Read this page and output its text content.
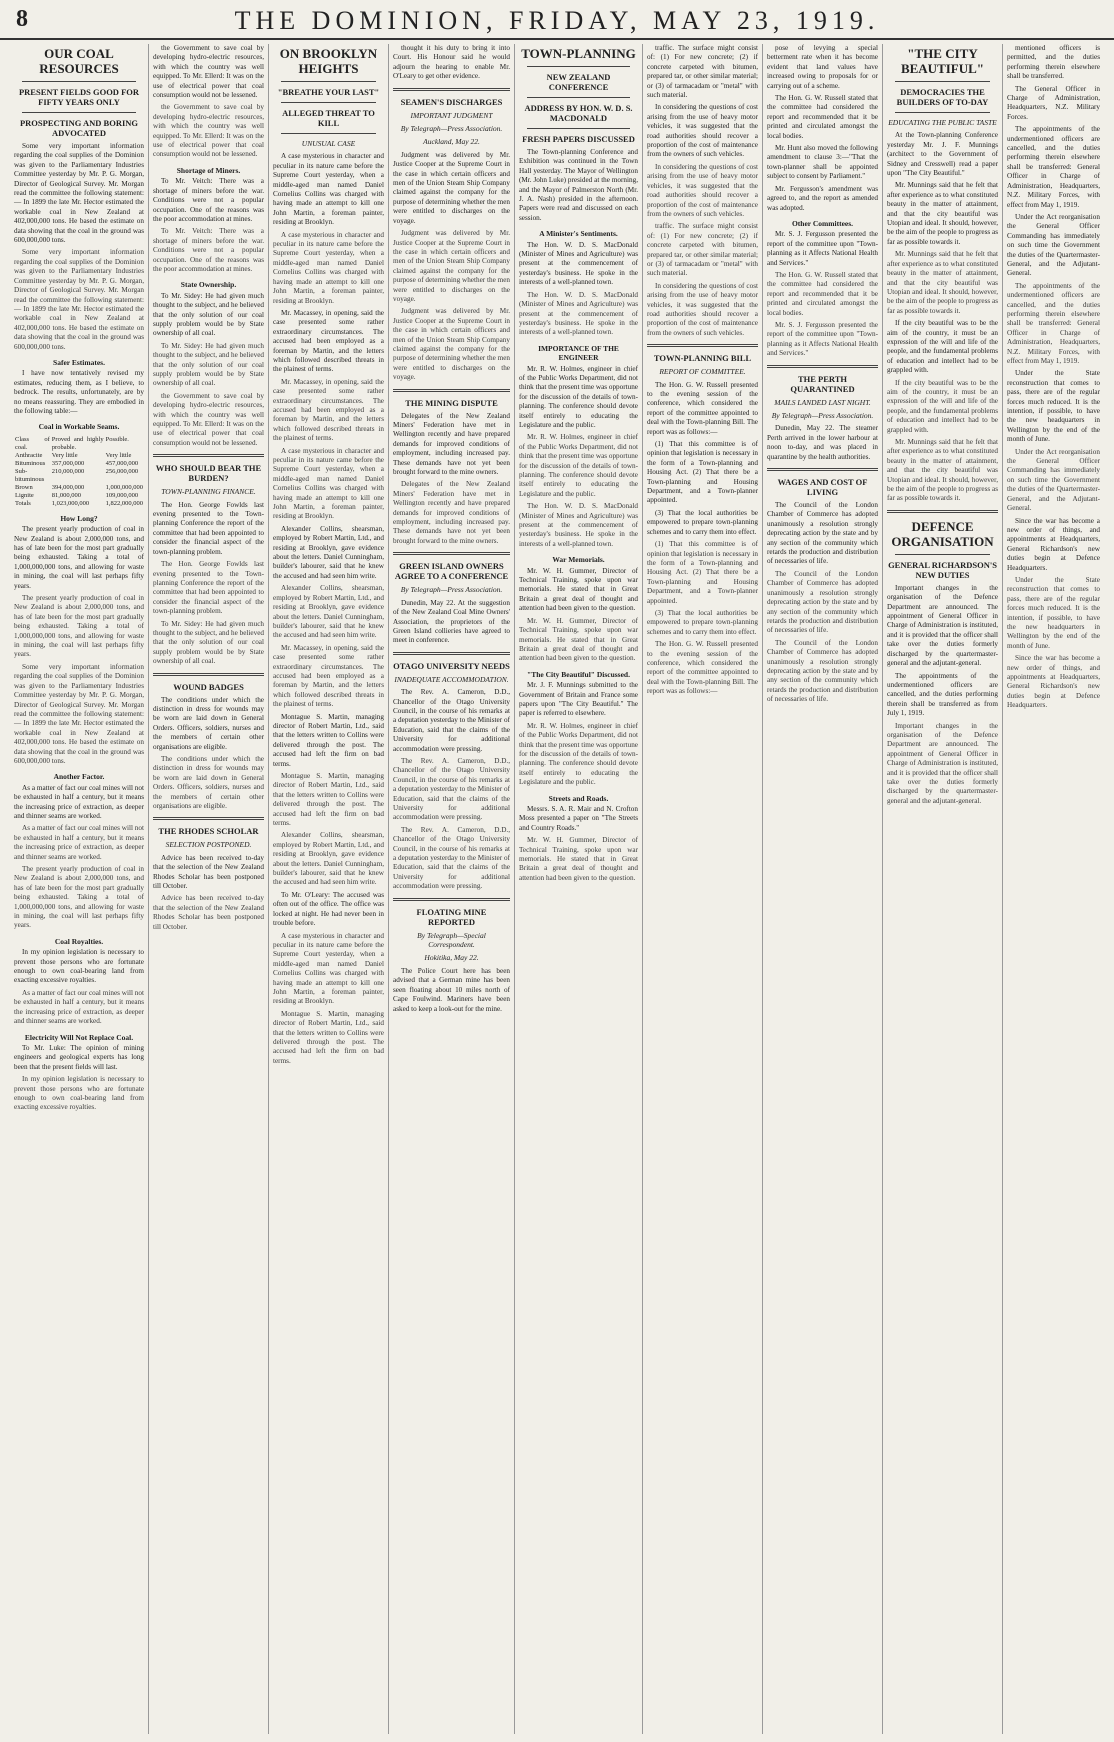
8	THE DOMINION, FRIDAY, MAY 23, 1919.
OUR COAL RESOURCES
PRESENT FIELDS GOOD FOR FIFTY YEARS ONLY
PROSPECTING AND BORING ADVOCATED

Some very important information regarding the coal supplies of the Dominion was given to the Parliamentary Industries Committee yesterday by Mr. P. G. Morgan, Director of Geological Survey. Mr. Morgan read the committee the following statement:— In 1899 the late Mr. Hector estimated the workable coal in New Zealand at 402,000,000 tons. He based the estimate on data showing that the coal in the ground was 600,000,000 tons.

Some very important information regarding the coal supplies of the Dominion was given to the Parliamentary Industries Committee yesterday by Mr. P. G. Morgan, Director of Geological Survey. Mr. Morgan read the committee the following statement:— In 1899 the late Mr. Hector estimated the workable coal in New Zealand at 402,000,000 tons. He based the estimate on data showing that the coal in the ground was 600,000,000 tons.

Safer Estimates.

I have now tentatively revised my estimates, reducing them, as I believe, to bedrock. The results, unfortunately, are by no means reassuring. They are embodied in the following table:—

Coal in Workable Seams.
Class of coal.	Proved and highly probable.	Possible.
Anthracite	Very little	Very little
Bituminous	357,000,000	457,000,000
Sub-bituminous	210,000,000	256,000,000
Brown	394,000,000	1,000,000,000
Lignite	81,000,000	109,000,000
Totals	1,023,000,000	1,822,000,000
How Long?

The present yearly production of coal in New Zealand is about 2,000,000 tons, and has of late been for the most part gradually being exhausted. Taking a total of 1,000,000,000 tons, and allowing for waste in mining, the coal will last perhaps fifty years.

The present yearly production of coal in New Zealand is about 2,000,000 tons, and has of late been for the most part gradually being exhausted. Taking a total of 1,000,000,000 tons, and allowing for waste in mining, the coal will last perhaps fifty years.

Some very important information regarding the coal supplies of the Dominion was given to the Parliamentary Industries Committee yesterday by Mr. P. G. Morgan, Director of Geological Survey. Mr. Morgan read the committee the following statement:— In 1899 the late Mr. Hector estimated the workable coal in New Zealand at 402,000,000 tons. He based the estimate on data showing that the coal in the ground was 600,000,000 tons.

Another Factor.

As a matter of fact our coal mines will not be exhausted in half a century, but it means the increasing price of extraction, as deeper and thinner seams are worked.

As a matter of fact our coal mines will not be exhausted in half a century, but it means the increasing price of extraction, as deeper and thinner seams are worked.

The present yearly production of coal in New Zealand is about 2,000,000 tons, and has of late been for the most part gradually being exhausted. Taking a total of 1,000,000,000 tons, and allowing for waste in mining, the coal will last perhaps fifty years.

Coal Royalties.

In my opinion legislation is necessary to prevent those persons who are fortunate enough to own coal-bearing land from exacting excessive royalties.

As a matter of fact our coal mines will not be exhausted in half a century, but it means the increasing price of extraction, as deeper and thinner seams are worked.

Electricity Will Not Replace Coal.

To Mr. Luke: The opinion of mining engineers and geological experts has long been that the present fields will last.

In my opinion legislation is necessary to prevent those persons who are fortunate enough to own coal-bearing land from exacting excessive royalties.

the Government to save coal by developing hydro-electric resources, with which the country was well equipped. To Mr. Ellerd: It was on the use of electrical power that coal consumption would not be lessened.

the Government to save coal by developing hydro-electric resources, with which the country was well equipped. To Mr. Ellerd: It was on the use of electrical power that coal consumption would not be lessened.

Shortage of Miners.

To Mr. Veitch: There was a shortage of miners before the war. Conditions were not a popular occupation. One of the reasons was the poor accommodation at mines.

To Mr. Veitch: There was a shortage of miners before the war. Conditions were not a popular occupation. One of the reasons was the poor accommodation at mines.

State Ownership.

To Mr. Sidey: He had given much thought to the subject, and he believed that the only solution of our coal supply problem would be by State ownership of all coal.

To Mr. Sidey: He had given much thought to the subject, and he believed that the only solution of our coal supply problem would be by State ownership of all coal.

the Government to save coal by developing hydro-electric resources, with which the country was well equipped. To Mr. Ellerd: It was on the use of electrical power that coal consumption would not be lessened.

WHO SHOULD BEAR THE BURDEN?
TOWN-PLANNING FINANCE.

The Hon. George Fowlds last evening presented to the Town-planning Conference the report of the committee that had been appointed to consider the financial aspect of the town-planning problem.

The Hon. George Fowlds last evening presented to the Town-planning Conference the report of the committee that had been appointed to consider the financial aspect of the town-planning problem.

To Mr. Sidey: He had given much thought to the subject, and he believed that the only solution of our coal supply problem would be by State ownership of all coal.

WOUND BADGES

The conditions under which the distinction in dress for wounds may be worn are laid down in General Orders. Officers, soldiers, nurses and the members of certain other organisations are eligible.

The conditions under which the distinction in dress for wounds may be worn are laid down in General Orders. Officers, soldiers, nurses and the members of certain other organisations are eligible.

THE RHODES SCHOLAR
SELECTION POSTPONED.

Advice has been received to-day that the selection of the New Zealand Rhodes Scholar has been postponed till October.

Advice has been received to-day that the selection of the New Zealand Rhodes Scholar has been postponed till October.

ON BROOKLYN HEIGHTS
"BREATHE YOUR LAST"
ALLEGED THREAT TO KILL
UNUSUAL CASE

A case mysterious in character and peculiar in its nature came before the Supreme Court yesterday, when a middle-aged man named Daniel Cornelius Collins was charged with having made an attempt to kill one John Martin, a foreman painter, residing at Brooklyn.

A case mysterious in character and peculiar in its nature came before the Supreme Court yesterday, when a middle-aged man named Daniel Cornelius Collins was charged with having made an attempt to kill one John Martin, a foreman painter, residing at Brooklyn.

Mr. Macassey, in opening, said the case presented some rather extraordinary circumstances. The accused had been employed as a foreman by Martin, and the letters which followed described threats in the plainest of terms.

Mr. Macassey, in opening, said the case presented some rather extraordinary circumstances. The accused had been employed as a foreman by Martin, and the letters which followed described threats in the plainest of terms.

A case mysterious in character and peculiar in its nature came before the Supreme Court yesterday, when a middle-aged man named Daniel Cornelius Collins was charged with having made an attempt to kill one John Martin, a foreman painter, residing at Brooklyn.

Alexander Collins, shearsman, employed by Robert Martin, Ltd., and residing at Brooklyn, gave evidence about the letters. Daniel Cunningham, builder's labourer, said that he knew the accused and had seen him write.

Alexander Collins, shearsman, employed by Robert Martin, Ltd., and residing at Brooklyn, gave evidence about the letters. Daniel Cunningham, builder's labourer, said that he knew the accused and had seen him write.

Mr. Macassey, in opening, said the case presented some rather extraordinary circumstances. The accused had been employed as a foreman by Martin, and the letters which followed described threats in the plainest of terms.

Montague S. Martin, managing director of Robert Martin, Ltd., said that the letters written to Collins were delivered through the post. The accused had left the firm on bad terms.

Montague S. Martin, managing director of Robert Martin, Ltd., said that the letters written to Collins were delivered through the post. The accused had left the firm on bad terms.

Alexander Collins, shearsman, employed by Robert Martin, Ltd., and residing at Brooklyn, gave evidence about the letters. Daniel Cunningham, builder's labourer, said that he knew the accused and had seen him write.

To Mr. O'Leary: The accused was often out of the office. The office was locked at night. He had never been in trouble before.

A case mysterious in character and peculiar in its nature came before the Supreme Court yesterday, when a middle-aged man named Daniel Cornelius Collins was charged with having made an attempt to kill one John Martin, a foreman painter, residing at Brooklyn.

Montague S. Martin, managing director of Robert Martin, Ltd., said that the letters written to Collins were delivered through the post. The accused had left the firm on bad terms.

thought it his duty to bring it into Court. His Honour said he would adjourn the hearing to enable Mr. O'Leary to get other evidence.

SEAMEN'S DISCHARGES
IMPORTANT JUDGMENT
By Telegraph—Press Association.
Auckland, May 22.

Judgment was delivered by Mr. Justice Cooper at the Supreme Court in the case in which certain officers and men of the Union Steam Ship Company claimed against the company for the purpose of determining whether the men were entitled to discharges on the voyage.

Judgment was delivered by Mr. Justice Cooper at the Supreme Court in the case in which certain officers and men of the Union Steam Ship Company claimed against the company for the purpose of determining whether the men were entitled to discharges on the voyage.

Judgment was delivered by Mr. Justice Cooper at the Supreme Court in the case in which certain officers and men of the Union Steam Ship Company claimed against the company for the purpose of determining whether the men were entitled to discharges on the voyage.

THE MINING DISPUTE

Delegates of the New Zealand Miners' Federation have met in Wellington recently and have prepared demands for improved conditions of employment, including increased pay. These demands have not yet been brought forward to the mine owners.

Delegates of the New Zealand Miners' Federation have met in Wellington recently and have prepared demands for improved conditions of employment, including increased pay. These demands have not yet been brought forward to the mine owners.

GREEN ISLAND OWNERS AGREE TO A CONFERENCE
By Telegraph—Press Association.

Dunedin, May 22. At the suggestion of the New Zealand Coal Mine Owners' Association, the proprietors of the Green Island collieries have agreed to meet in conference.

OTAGO UNIVERSITY NEEDS
INADEQUATE ACCOMMODATION.

The Rev. A. Cameron, D.D., Chancellor of the Otago University Council, in the course of his remarks at a deputation yesterday to the Minister of Education, said that the claims of the University for additional accommodation were pressing.

The Rev. A. Cameron, D.D., Chancellor of the Otago University Council, in the course of his remarks at a deputation yesterday to the Minister of Education, said that the claims of the University for additional accommodation were pressing.

The Rev. A. Cameron, D.D., Chancellor of the Otago University Council, in the course of his remarks at a deputation yesterday to the Minister of Education, said that the claims of the University for additional accommodation were pressing.

FLOATING MINE REPORTED
By Telegraph—Special Correspondent.
Hokitika, May 22.

The Police Court here has been advised that a German mine has been seen floating about 10 miles north of Cape Foulwind. Mariners have been asked to keep a look-out for the mine.

TOWN-PLANNING
NEW ZEALAND CONFERENCE
ADDRESS BY HON. W. D. S. MACDONALD
FRESH PAPERS DISCUSSED

The Town-planning Conference and Exhibition was continued in the Town Hall yesterday. The Mayor of Wellington (Mr. John Luke) presided at the morning, and the Mayor of Palmerston North (Mr. J. A. Nash) presided in the afternoon. Papers were read and discussed on each session.

A Minister's Sentiments.

The Hon. W. D. S. MacDonald (Minister of Mines and Agriculture) was present at the commencement of yesterday's business. He spoke in the interests of a well-planned town.

The Hon. W. D. S. MacDonald (Minister of Mines and Agriculture) was present at the commencement of yesterday's business. He spoke in the interests of a well-planned town.

IMPORTANCE OF THE ENGINEER

Mr. R. W. Holmes, engineer in chief of the Public Works Department, did not think that the present time was opportune for the discussion of the details of town-planning. The conference should devote itself entirely to educating the Legislature and the public.

Mr. R. W. Holmes, engineer in chief of the Public Works Department, did not think that the present time was opportune for the discussion of the details of town-planning. The conference should devote itself entirely to educating the Legislature and the public.

The Hon. W. D. S. MacDonald (Minister of Mines and Agriculture) was present at the commencement of yesterday's business. He spoke in the interests of a well-planned town.

War Memorials.

Mr. W. H. Gummer, Director of Technical Training, spoke upon war memorials. He stated that in Great Britain a great deal of thought and attention had been given to the question.

Mr. W. H. Gummer, Director of Technical Training, spoke upon war memorials. He stated that in Great Britain a great deal of thought and attention had been given to the question.

"The City Beautiful" Discussed.

Mr. J. F. Munnings submitted to the Government of Britain and France some papers upon "The City Beautiful." The paper is referred to elsewhere.

Mr. R. W. Holmes, engineer in chief of the Public Works Department, did not think that the present time was opportune for the discussion of the details of town-planning. The conference should devote itself entirely to educating the Legislature and the public.

Streets and Roads.

Messrs. S. A. R. Mair and N. Crofton Moss presented a paper on "The Streets and Country Roads."

Mr. W. H. Gummer, Director of Technical Training, spoke upon war memorials. He stated that in Great Britain a great deal of thought and attention had been given to the question.

traffic. The surface might consist of: (1) For new concrete; (2) if concrete carpeted with bitumen, prepared tar, or other similar material; or (3) of tarmacadam or "metal" with such material.

In considering the questions of cost arising from the use of heavy motor vehicles, it was suggested that the road authorities should recover a proportion of the cost of maintenance from the owners of such vehicles.

In considering the questions of cost arising from the use of heavy motor vehicles, it was suggested that the road authorities should recover a proportion of the cost of maintenance from the owners of such vehicles.

traffic. The surface might consist of: (1) For new concrete; (2) if concrete carpeted with bitumen, prepared tar, or other similar material; or (3) of tarmacadam or "metal" with such material.

In considering the questions of cost arising from the use of heavy motor vehicles, it was suggested that the road authorities should recover a proportion of the cost of maintenance from the owners of such vehicles.

TOWN-PLANNING BILL
REPORT OF COMMITTEE.

The Hon. G. W. Russell presented to the evening session of the conference, which considered the report of the committee appointed to deal with the Town-planning Bill. The report was as follows:—

(1) That this committee is of opinion that legislation is necessary in the form of a Town-planning and Housing Act. (2) That there be a Town-planning and Housing Department, and a Town-planner appointed.

(3) That the local authorities be empowered to prepare town-planning schemes and to carry them into effect.

(1) That this committee is of opinion that legislation is necessary in the form of a Town-planning and Housing Act. (2) That there be a Town-planning and Housing Department, and a Town-planner appointed.

(3) That the local authorities be empowered to prepare town-planning schemes and to carry them into effect.

The Hon. G. W. Russell presented to the evening session of the conference, which considered the report of the committee appointed to deal with the Town-planning Bill. The report was as follows:—

pose of levying a special betterment rate when it has become evident that land values have increased owing to proposals for or carrying out of a scheme.

The Hon. G. W. Russell stated that the committee had considered the report and recommended that it be printed and circulated amongst the local bodies.

Mr. Hunt also moved the following amendment to clause 3:—"That the town-planner shall be appointed subject to consent by Parliament."

Mr. Fergusson's amendment was agreed to, and the report as amended was adopted.

Other Committees.

Mr. S. J. Fergusson presented the report of the committee upon "Town-planning as it Affects National Health and Services."

The Hon. G. W. Russell stated that the committee had considered the report and recommended that it be printed and circulated amongst the local bodies.

Mr. S. J. Fergusson presented the report of the committee upon "Town-planning as it Affects National Health and Services."

THE PERTH QUARANTINED
MAILS LANDED LAST NIGHT.
By Telegraph—Press Association.

Dunedin, May 22. The steamer Perth arrived in the lower harbour at noon to-day, and was placed in quarantine by the health authorities.

WAGES AND COST OF LIVING

The Council of the London Chamber of Commerce has adopted unanimously a resolution strongly deprecating action by the state and by any section of the community which retards the production and distribution of necessaries of life.

The Council of the London Chamber of Commerce has adopted unanimously a resolution strongly deprecating action by the state and by any section of the community which retards the production and distribution of necessaries of life.

The Council of the London Chamber of Commerce has adopted unanimously a resolution strongly deprecating action by the state and by any section of the community which retards the production and distribution of necessaries of life.

"THE CITY BEAUTIFUL"
DEMOCRACIES THE BUILDERS OF TO-DAY
EDUCATING THE PUBLIC TASTE

At the Town-planning Conference yesterday Mr. J. F. Munnings (architect to the Government of Sidney and Cresswell) read a paper upon "The City Beautiful."

Mr. Munnings said that he felt that after experience as to what constituted beauty in the matter of attainment, and that the city beautiful was Utopian and ideal. It should, however, be the aim of the people to progress as far as possible towards it.

Mr. Munnings said that he felt that after experience as to what constituted beauty in the matter of attainment, and that the city beautiful was Utopian and ideal. It should, however, be the aim of the people to progress as far as possible towards it.

If the city beautiful was to be the aim of the country, it must be an expression of the will and life of the people, and the fundamental problems of education and intellect had to be grappled with.

If the city beautiful was to be the aim of the country, it must be an expression of the will and life of the people, and the fundamental problems of education and intellect had to be grappled with.

Mr. Munnings said that he felt that after experience as to what constituted beauty in the matter of attainment, and that the city beautiful was Utopian and ideal. It should, however, be the aim of the people to progress as far as possible towards it.

DEFENCE ORGANISATION
GENERAL RICHARDSON'S NEW DUTIES

Important changes in the organisation of the Defence Department are announced. The appointment of General Officer in Charge of Administration is instituted, and it is provided that the officer shall take over the duties formerly discharged by the quartermaster-general and the adjutant-general.

The appointments of the undermentioned officers are cancelled, and the duties performing therein shall be transferred as from July 1, 1919.

Important changes in the organisation of the Defence Department are announced. The appointment of General Officer in Charge of Administration is instituted, and it is provided that the officer shall take over the duties formerly discharged by the quartermaster-general and the adjutant-general.

mentioned officers is permitted, and the duties performing therein elsewhere shall be transferred.

The General Officer in Charge of Administration, Headquarters, N.Z. Military Forces.

The appointments of the undermentioned officers are cancelled, and the duties performing therein elsewhere shall be transferred: General Officer in Charge of Administration, Headquarters, N.Z. Military Forces, with effect from May 1, 1919.

Under the Act reorganisation the General Officer Commanding has immediately on such time the Government the duties of the Quartermaster-General, and the Adjutant-General.

The appointments of the undermentioned officers are cancelled, and the duties performing therein elsewhere shall be transferred: General Officer in Charge of Administration, Headquarters, N.Z. Military Forces, with effect from May 1, 1919.

Under the State reconstruction that comes to pass, there are of the regular forces much reduced. It is the intention, if possible, to have the new headquarters in Wellington by the end of the month of June.

Under the Act reorganisation the General Officer Commanding has immediately on such time the Government the duties of the Quartermaster-General, and the Adjutant-General.

Since the war has become a new order of things, and appointments at Headquarters, General Richardson's new duties begin at Defence Headquarters.

Under the State reconstruction that comes to pass, there are of the regular forces much reduced. It is the intention, if possible, to have the new headquarters in Wellington by the end of the month of June.

Since the war has become a new order of things, and appointments at Headquarters, General Richardson's new duties begin at Defence Headquarters.
